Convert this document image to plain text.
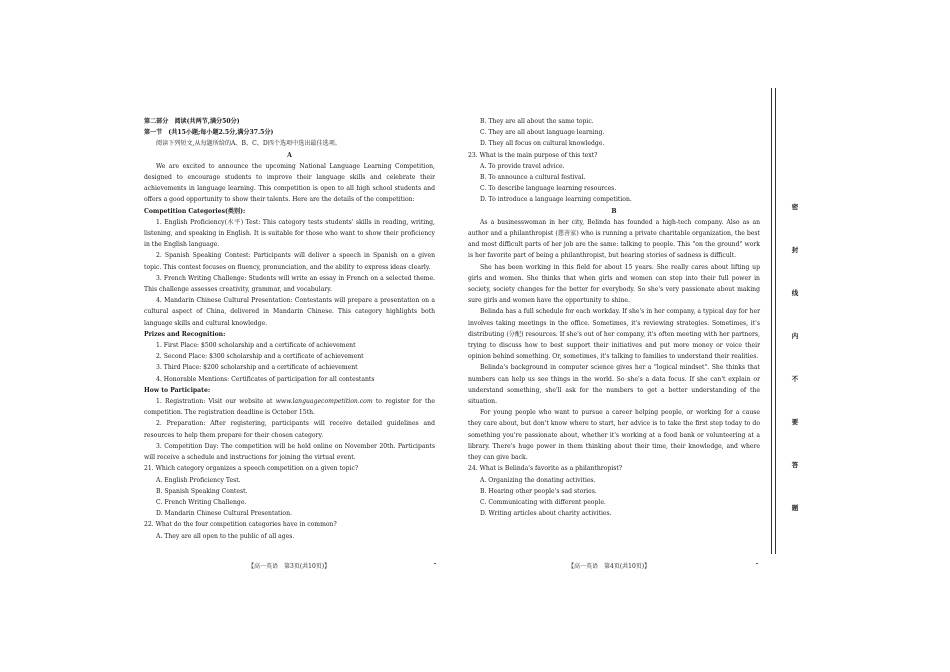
第二部分　阅读(共两节,满分50分)

第一节　(共15小题;每小题2.5分,满分37.5分)

阅读下列短文,从每题所给的A、B、C、D四个选项中选出最佳选项。

A

We are excited to announce the upcoming National Language Learning Competition, designed to encourage students to improve their language skills and celebrate their achievements in language learning. This competition is open to all high school students and offers a good opportunity to show their talents. Here are the details of the competition:

Competition Categories(类别):

1. English Proficiency(水平) Test: This category tests students' skills in reading, writing, listening, and speaking in English. It is suitable for those who want to show their proficiency in the English language.

2. Spanish Speaking Contest: Participants will deliver a speech in Spanish on a given topic. This contest focuses on fluency, pronunciation, and the ability to express ideas clearly.

3. French Writing Challenge: Students will write an essay in French on a selected theme. This challenge assesses creativity, grammar, and vocabulary.

4. Mandarin Chinese Cultural Presentation: Contestants will prepare a presentation on a cultural aspect of China, delivered in Mandarin Chinese. This category highlights both language skills and cultural knowledge.

Prizes and Recognition:

1. First Place: $500 scholarship and a certificate of achievement

2. Second Place: $300 scholarship and a certificate of achievement

3. Third Place: $200 scholarship and a certificate of achievement

4. Honorable Mentions: Certificates of participation for all contestants

How to Participate:

1. Registration: Visit our website at www.languagecompetition.com to register for the competition. The registration deadline is October 15th.

2. Preparation: After registering, participants will receive detailed guidelines and resources to help them prepare for their chosen category.

3. Competition Day: The competition will be held online on November 20th. Participants will receive a schedule and instructions for joining the virtual event.

21. Which category organizes a speech competition on a given topic?

A. English Proficiency Test.

B. Spanish Speaking Contest.

C. French Writing Challenge.

D. Mandarin Chinese Cultural Presentation.

22. What do the four competition categories have in common?

A. They are all open to the public of all ages.

【高一英语　第3页(共10页)】

B. They are all about the same topic.

C. They are all about language learning.

D. They all focus on cultural knowledge.

23. What is the main purpose of this text?

A. To provide travel advice.

B. To announce a cultural festival.

C. To describe language learning resources.

D. To introduce a language learning competition.

B

As a businesswoman in her city, Belinda has founded a high-tech company. Also as an author and a philanthropist (慈善家) who is running a private charitable organization, the best and most difficult parts of her job are the same: talking to people. This "on the ground" work is her favorite part of being a philanthropist, but hearing stories of sadness is difficult.

She has been working in this field for about 15 years. She really cares about lifting up girls and women. She thinks that when girls and women can step into their full power in society, society changes for the better for everybody. So she's very passionate about making sure girls and women have the opportunity to shine.

Belinda has a full schedule for each workday. If she's in her company, a typical day for her involves taking meetings in the office. Sometimes, it's reviewing strategies. Sometimes, it's distributing (分配) resources. If she's out of her company, it's often meeting with her partners, trying to discuss how to best support their initiatives and put more money or voice their opinion behind something. Or, sometimes, it's talking to families to understand their realities.

Belinda's background in computer science gives her a "logical mindset". She thinks that numbers can help us see things in the world. So she's a data focus. If she can't explain or understand something, she'll ask for the numbers to get a better understanding of the situation.

For young people who want to pursue a career helping people, or working for a cause they care about, but don't know where to start, her advice is to take the first step today to do something you're passionate about, whether it's working at a food bank or volunteering at a library. There's huge power in them thinking about their time, their knowledge, and where they can give back.

24. What is Belinda's favorite as a philanthropist?

A. Organizing the donating activities.

B. Hearing other people's sad stories.

C. Communicating with different people.

D. Writing articles about charity activities.

【高一英语　第4页(共10页)】
密
封
线
内
不
要
答
题
